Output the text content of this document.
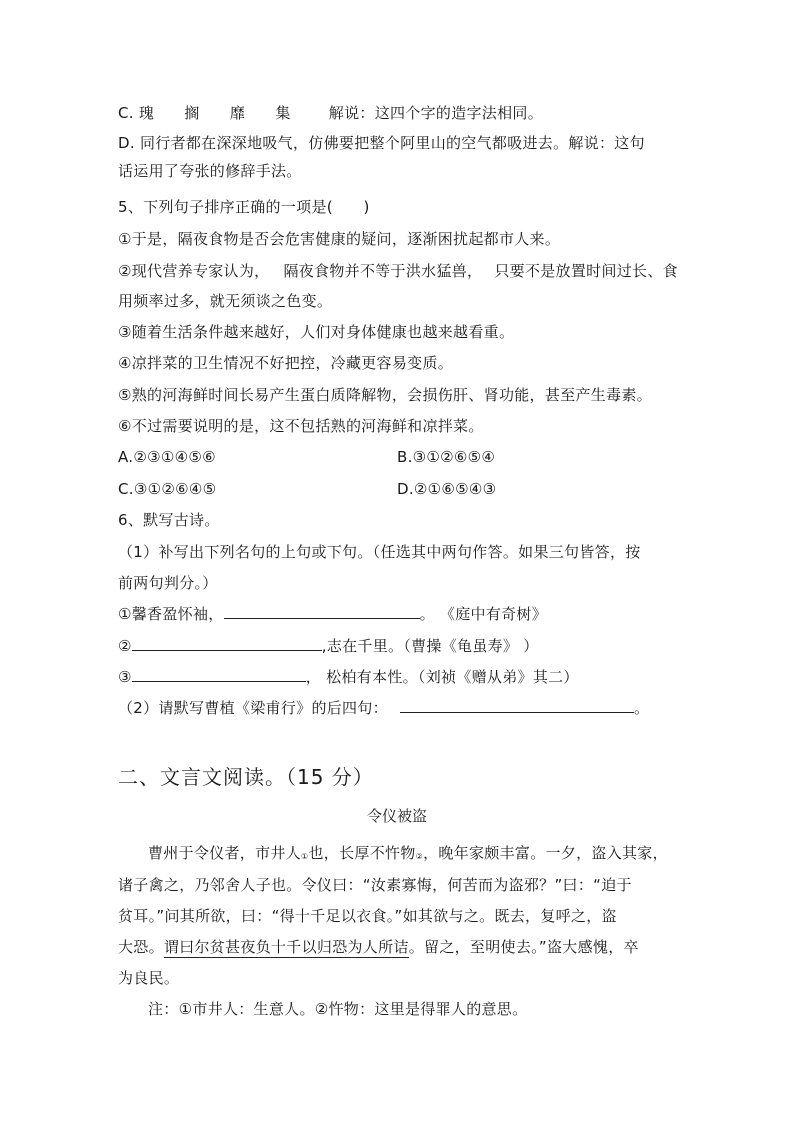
C. 瑰 搁 靡 集	解说：这四个字的造字法相同。
D. 同行者都在深深地吸气，仿佛要把整个阿里山的空气都吸进去。解说：这句
话运用了夸张的修辞手法。
5、下列句子排序正确的一项是(　　)
①于是，隔夜食物是否会危害健康的疑问，逐渐困扰起都市人来。
②现代营养专家认为， 隔夜食物并不等于洪水猛兽， 只要不是放置时间过长、食
用频率过多，就无须谈之色变。
③随着生活条件越来越好，人们对身体健康也越来越看重。
④凉拌菜的卫生情况不好把控，冷藏更容易变质。
⑤熟的河海鲜时间长易产生蛋白质降解物，会损伤肝、肾功能，甚至产生毒素。
⑥不过需要说明的是，这不包括熟的河海鲜和凉拌菜。
A.②③①④⑤⑥	B.③①②⑥⑤④
C.③①②⑥④⑤	D.②①⑥⑤④③
6、默写古诗。
（1）补写出下列名句的上句或下句。（任选其中两句作答。如果三句皆答，按
前两句判分。）
①馨香盈怀袖，	。 《庭中有奇树》
②	,志在千里。（曹操《龟虽寿》 ）
③	， 松柏有本性。（刘祯《赠从弟》其二）
（2）请默写曹植《梁甫行》的后四句：	。
二、文言文阅读。（15 分）
令仪被盗
曹州于令仪者，市井人①也，长厚不忤物②，晚年家颇丰富。一夕，盗入其家，
诸子禽之，乃邻舍人子也。令仪曰：“汝素寡悔，何苦而为盗邪？”曰：“迫于
贫耳。”问其所欲，曰：“得十千足以衣食。”如其欲与之。既去，复呼之，盗
大恐。谓曰尔贫甚夜负十千以归恐为人所诘。留之，至明使去。”盗大感愧，卒
为良民。
注：①市井人：生意人。②忤物：这里是得罪人的意思。
